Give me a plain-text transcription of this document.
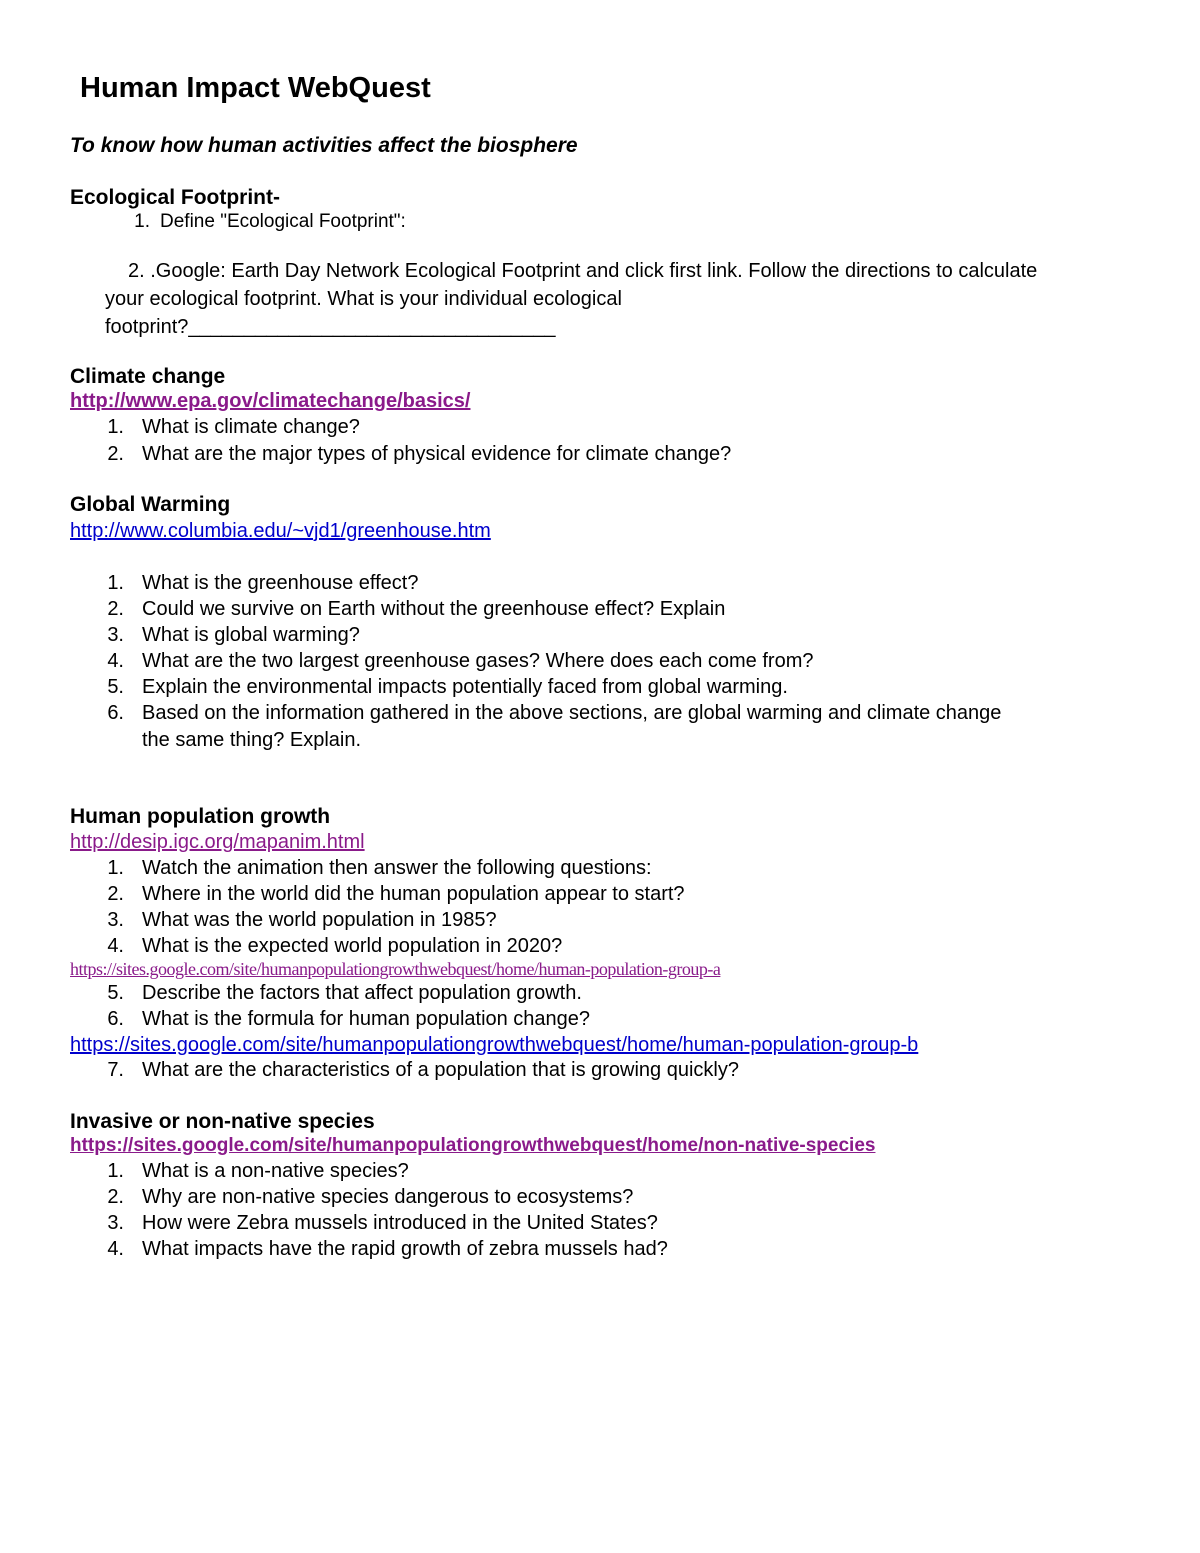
Human Impact WebQuest
To know how human activities affect the biosphere
Ecological Footprint-
1. Define "Ecological Footprint":
2. .Google: Earth Day Network Ecological Footprint and click first link. Follow the directions to calculate
your ecological footprint. What is your individual ecological
footprint?_________________________________
Climate change
http://www.epa.gov/climatechange/basics/
1. What is climate change?
2. What are the major types of physical evidence for climate change?
Global Warming
http://www.columbia.edu/~vjd1/greenhouse.htm
1. What is the greenhouse effect?
2. Could we survive on Earth without the greenhouse effect? Explain
3. What is global warming?
4. What are the two largest greenhouse gases? Where does each come from?
5. Explain the environmental impacts potentially faced from global warming.
6. Based on the information gathered in the above sections, are global warming and climate change
the same thing? Explain.
Human population growth
http://desip.igc.org/mapanim.html
1. Watch the animation then answer the following questions:
2. Where in the world did the human population appear to start?
3. What was the world population in 1985?
4. What is the expected world population in 2020?
https://sites.google.com/site/humanpopulationgrowthwebquest/home/human-population-group-a
5. Describe the factors that affect population growth.
6. What is the formula for human population change?
https://sites.google.com/site/humanpopulationgrowthwebquest/home/human-population-group-b
7. What are the characteristics of a population that is growing quickly?
Invasive or non-native species
https://sites.google.com/site/humanpopulationgrowthwebquest/home/non-native-species
1. What is a non-native species?
2. Why are non-native species dangerous to ecosystems?
3. How were Zebra mussels introduced in the United States?
4. What impacts have the rapid growth of zebra mussels had?
